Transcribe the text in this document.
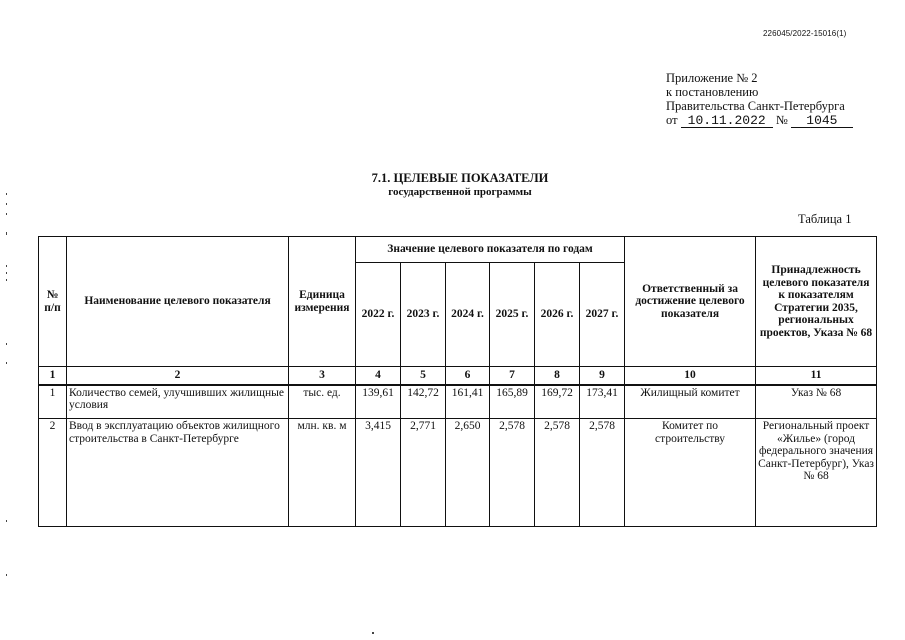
226045/2022-15016(1)
Приложение № 2
к постановлению
Правительства Санкт-Петербурга
от 10.11.2022 № 1045
7.1. ЦЕЛЕВЫЕ ПОКАЗАТЕЛИ
государственной программы
Таблица 1
№ п/п	Наименование целевого показателя	Единица измерения	Значение целевого показателя по годам						Ответственный за достижение целевого показателя	Принадлежность целевого показателя к показателям Стратегии 2035, региональных проектов, Указа № 68
			2022 г.	2023 г.	2024 г.	2025 г.	2026 г.	2027 г.		
1	2	3	4	5	6	7	8	9	10	11
1	Количество семей, улучшивших жилищные условия	тыс. ед.	139,61	142,72	161,41	165,89	169,72	173,41	Жилищный комитет	Указ № 68
2	Ввод в эксплуатацию объектов жилищного строительства в Санкт-Петербурге	млн. кв. м	3,415	2,771	2,650	2,578	2,578	2,578	Комитет по строительству	Региональный проект «Жилье» (город федерального значения Санкт-Петербург), Указ № 68
